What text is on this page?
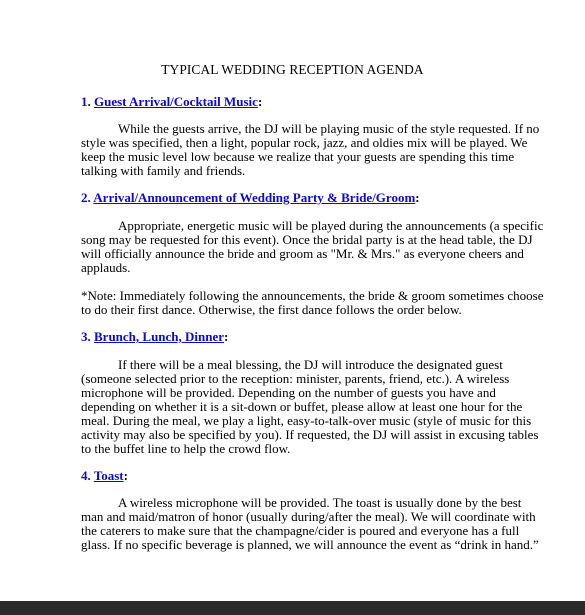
TYPICAL WEDDING RECEPTION AGENDA
1. Guest Arrival/Cocktail Music:
While the guests arrive, the DJ will be playing music of the style requested. If no
style was specified, then a light, popular rock, jazz, and oldies mix will be played. We
keep the music level low because we realize that your guests are spending this time
talking with family and friends.
2. Arrival/Announcement of Wedding Party & Bride/Groom:
Appropriate, energetic music will be played during the announcements (a specific
song may be requested for this event). Once the bridal party is at the head table, the DJ
will officially announce the bride and groom as "Mr. & Mrs." as everyone cheers and
applauds.
*Note: Immediately following the announcements, the bride & groom sometimes choose
to do their first dance. Otherwise, the first dance follows the order below.
3. Brunch, Lunch, Dinner:
If there will be a meal blessing, the DJ will introduce the designated guest
(someone selected prior to the reception: minister, parents, friend, etc.). A wireless
microphone will be provided. Depending on the number of guests you have and
depending on whether it is a sit-down or buffet, please allow at least one hour for the
meal. During the meal, we play a light, easy-to-talk-over music (style of music for this
activity may also be specified by you). If requested, the DJ will assist in excusing tables
to the buffet line to help the crowd flow.
4. Toast:
A wireless microphone will be provided. The toast is usually done by the best
man and maid/matron of honor (usually during/after the meal). We will coordinate with
the caterers to make sure that the champagne/cider is poured and everyone has a full
glass. If no specific beverage is planned, we will announce the event as “drink in hand.”
